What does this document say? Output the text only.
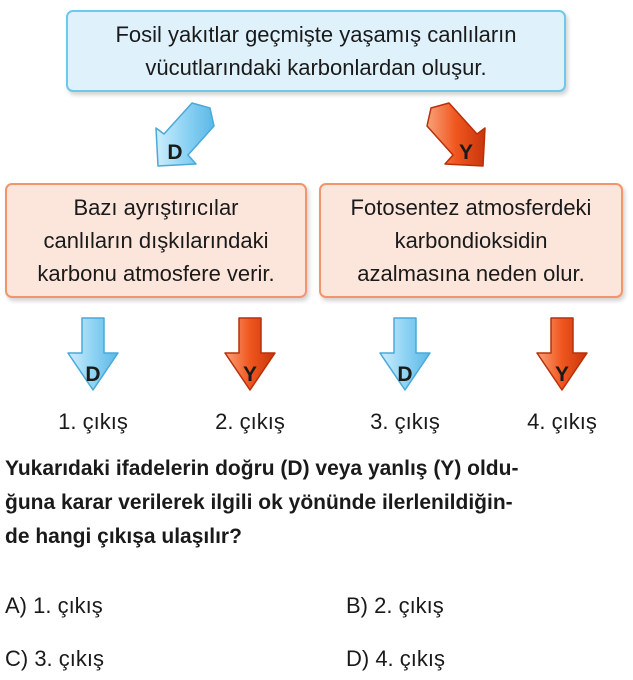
Fosil yakıtlar geçmişte yaşamış canlıların
vücutlarındaki karbonlardan oluşur.
D	Y
Bazı ayrıştırıcılar
canlıların dışkılarındaki
karbonu atmosfere verir.
Fotosentez atmosferdeki
karbondioksidin
azalmasına neden olur.
D	Y	D	Y
1. çıkış	2. çıkış	3. çıkış	4. çıkış
Yukarıdaki ifadelerin doğru (D) veya yanlış (Y) oldu-
ğuna karar verilerek ilgili ok yönünde ilerlenildiğin-
de hangi çıkışa ulaşılır?
A) 1. çıkış	B) 2. çıkış
C) 3. çıkış	D) 4. çıkış
